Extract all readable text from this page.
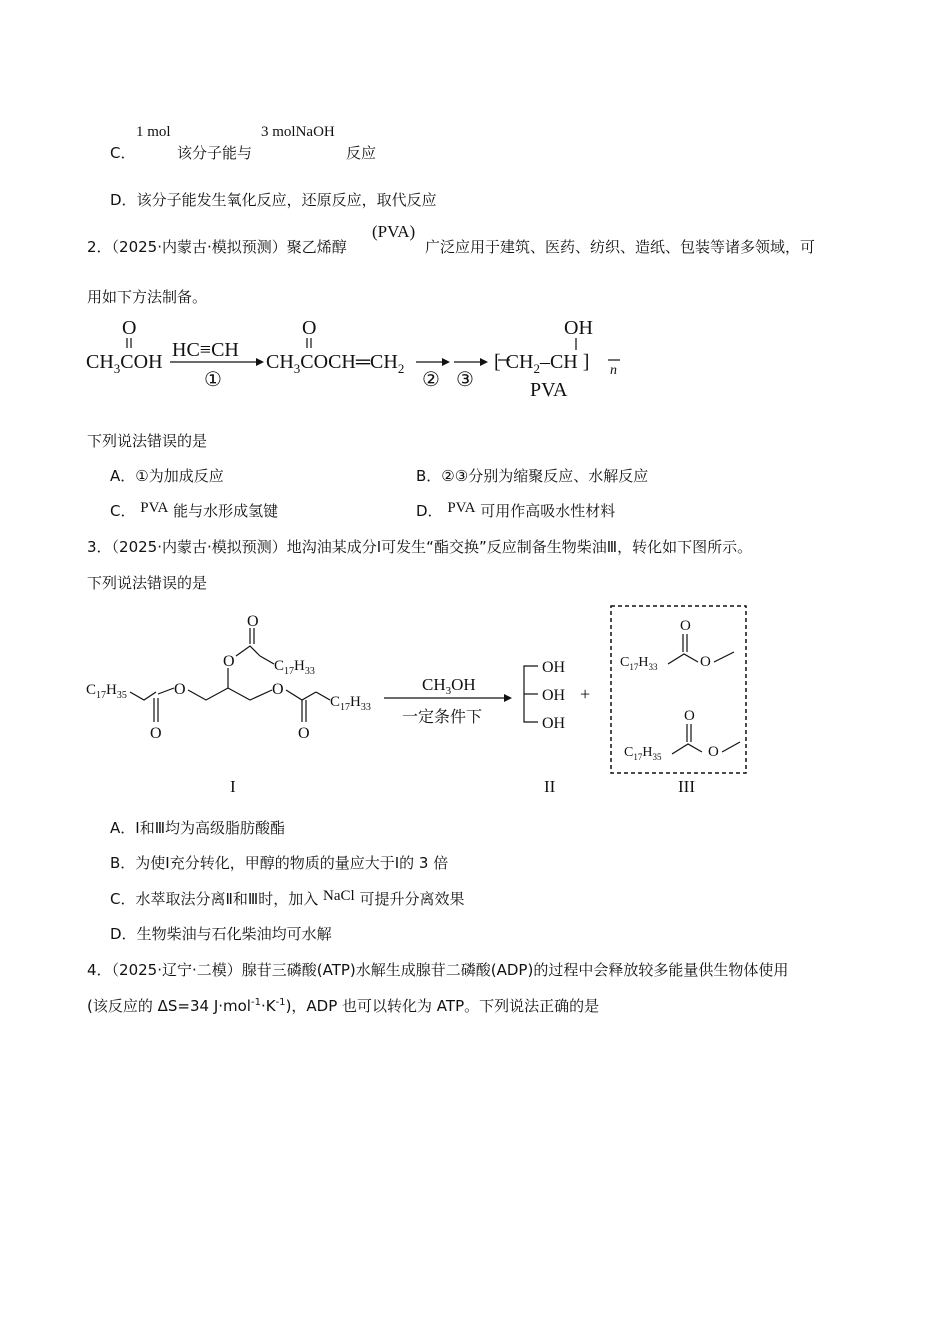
C．
1 mol
该分子能与
3 molNaOH
反应
D．该分子能发生氧化反应，还原反应，取代反应
2．（2025·内蒙古·模拟预测）聚乙烯醇
(PVA)
广泛应用于建筑、医药、纺织、造纸、包装等诸多领域，可
用如下方法制备。
O
$CH_3COH$
HC≡CH
①
O
$CH_3COCH═CH_2$
② ③
OH
[ $CH_2-CH$ ] n
PVA
下列说法错误的是
A．①为加成反应	B．②③分别为缩聚反应、水解反应
C． PVA 能与水形成氢键	D． PVA 可用作高吸水性材料
3．（2025·内蒙古·模拟预测）地沟油某成分Ⅰ可发生“酯交换”反应制备生物柴油Ⅲ，转化如下图所示。
下列说法错误的是
$C_{17}H_{35}$
O
O
O
O
$C_{17}H_{33}$
O
O
$C_{17}H_{33}$
I
$CH_3OH$
一定条件下
OH
OH
OH
II
+
$C_{17}H_{33}$
O
O
$C_{17}H_{35}$
O
O
III
A．Ⅰ和Ⅲ均为高级脂肪酸酯
B．为使Ⅰ充分转化，甲醇的物质的量应大于Ⅰ的 3 倍
C．水萃取法分离Ⅱ和Ⅲ时，加入 NaCl 可提升分离效果
D．生物柴油与石化柴油均可水解
4．（2025·辽宁·二模）腺苷三磷酸(ATP)水解生成腺苷二磷酸(ADP)的过程中会释放较多能量供生物体使用
(该反应的 ΔS=34 $J\cdot mol^{-1}\cdot K^{-1}$)，ADP 也可以转化为 ATP。下列说法正确的是
